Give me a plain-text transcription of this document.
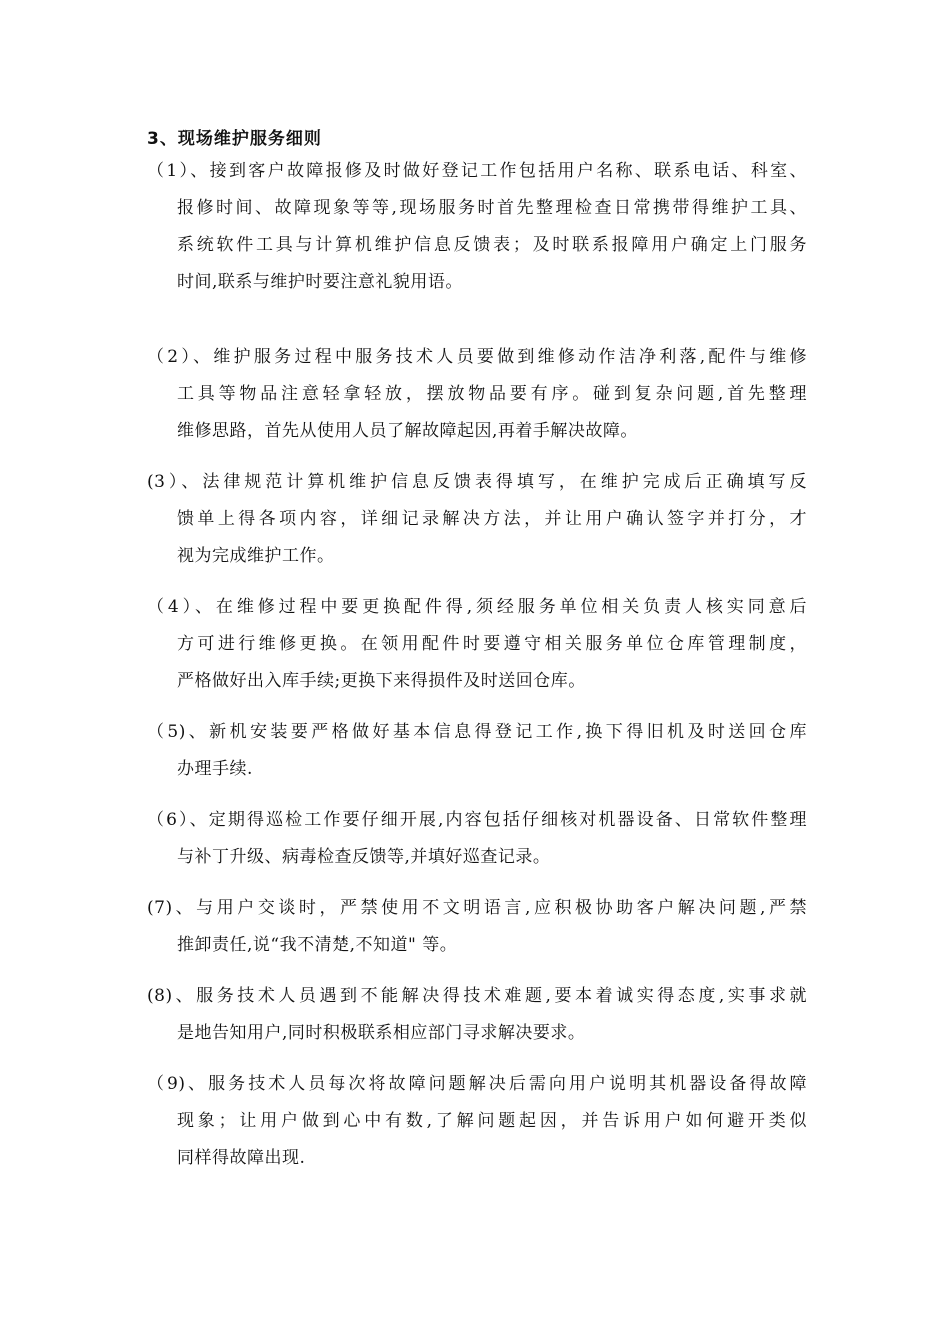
3、现场维护服务细则
（1）、接到客户故障报修及时做好登记工作包括用户名称、联系电话、科室、
报修时间、故障现象等等,现场服务时首先整理检查日常携带得维护工具、
系统软件工具与计算机维护信息反馈表；及时联系报障用户确定上门服务
时间,联系与维护时要注意礼貌用语。
（2）、维护服务过程中服务技术人员要做到维修动作洁净利落,配件与维修
工具等物品注意轻拿轻放，摆放物品要有序。碰到复杂问题,首先整理
维修思路，首先从使用人员了解故障起因,再着手解决故障。
(3）、法律规范计算机维护信息反馈表得填写，在维护完成后正确填写反
馈单上得各项内容，详细记录解决方法，并让用户确认签字并打分，才
视为完成维护工作。
（4）、在维修过程中要更换配件得,须经服务单位相关负责人核实同意后
方可进行维修更换。在领用配件时要遵守相关服务单位仓库管理制度，
严格做好出入库手续;更换下来得损件及时送回仓库。
（5)、新机安装要严格做好基本信息得登记工作,换下得旧机及时送回仓库
办理手续.
（6）、定期得巡检工作要仔细开展,内容包括仔细核对机器设备、日常软件整理
与补丁升级、病毒检查反馈等,并填好巡查记录。
(7)、与用户交谈时，严禁使用不文明语言,应积极协助客户解决问题,严禁
推卸责任,说“我不清楚,不知道" 等。
(8)、服务技术人员遇到不能解决得技术难题,要本着诚实得态度,实事求就
是地告知用户,同时积极联系相应部门寻求解决要求。
（9)、服务技术人员每次将故障问题解决后需向用户说明其机器设备得故障
现象；让用户做到心中有数,了解问题起因，并告诉用户如何避开类似
同样得故障出现.
